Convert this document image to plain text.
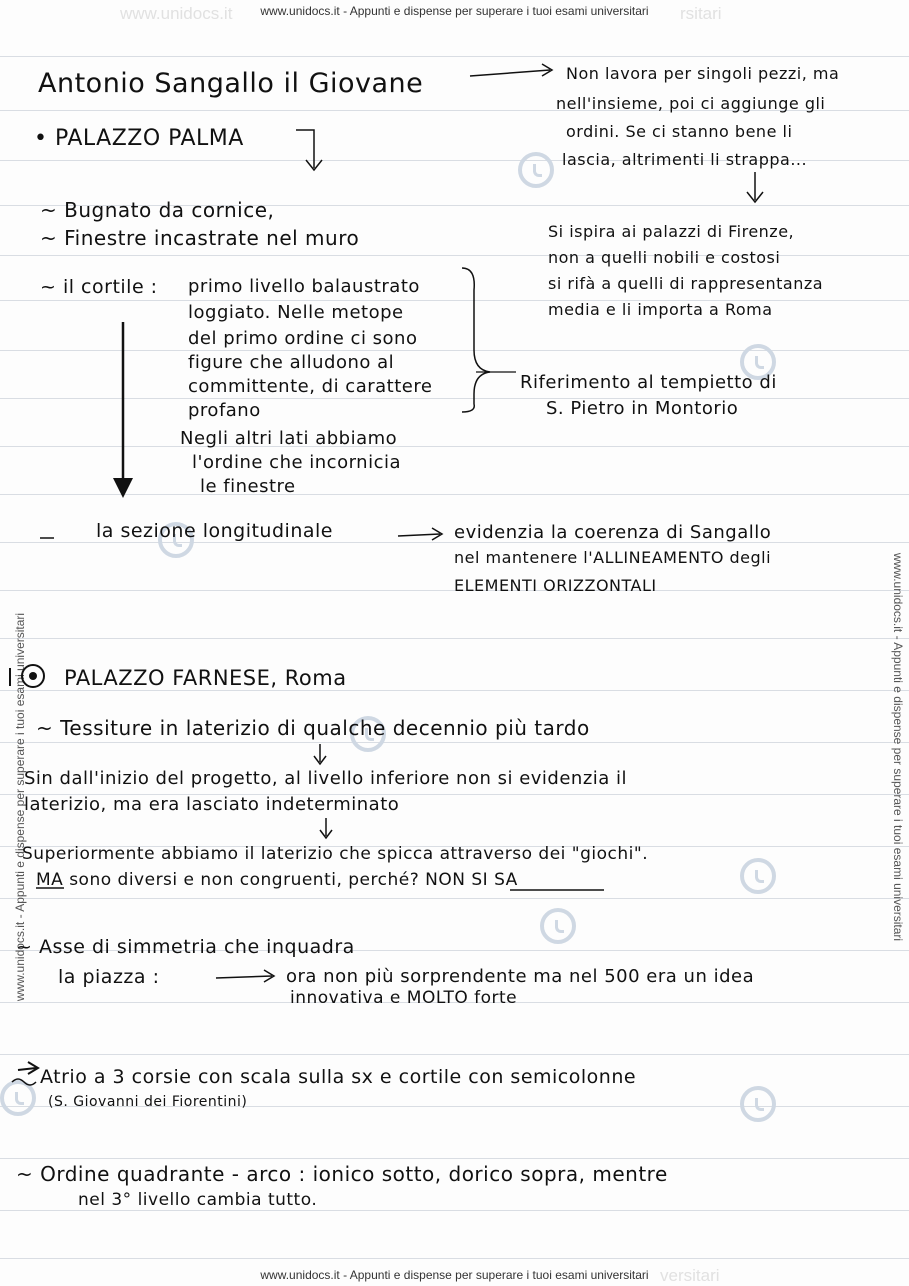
www.unidocs.it - Appunti e dispense per superare i tuoi esami universitari
www.unidocs.it - Appunti e dispense per superare i tuoi esami universitari
www.unidocs.it	rsitari
versitari
www.unidocs.it - Appunti e dispense per superare i tuoi esami universitari	www.unidocs.it - Appunti e dispense per superare i tuoi esami universitari
Antonio Sangallo il Giovane	Non lavora per singoli pezzi, ma
nell'insieme, poi ci aggiunge gli
ordini. Se ci stanno bene li
lascia, altrimenti li strappa...
Si ispira ai palazzi di Firenze,
non a quelli nobili e costosi
si rifà a quelli di rappresentanza
media e li importa a Roma
• PALAZZO PALMA
~ Bugnato da cornice,
~ Finestre incastrate nel muro
~ il cortile : primo livello balaustrato
loggiato. Nelle metope
del primo ordine ci sono
figure che alludono al
committente, di carattere
profano
Negli altri lati abbiamo
l'ordine che incornicia
le finestre
Riferimento al tempietto di
S. Pietro in Montorio
la sezione longitudinale	evidenzia la coerenza di Sangallo
nel mantenere l'ALLINEAMENTO degli
ELEMENTI ORIZZONTALI
PALAZZO FARNESE, Roma
~ Tessiture in laterizio di qualche decennio più tardo
Sin dall'inizio del progetto, al livello inferiore non si evidenzia il
laterizio, ma era lasciato indeterminato
Superiormente abbiamo il laterizio che spicca attraverso dei "giochi".
MA sono diversi e non congruenti, perché? NON SI SA
~ Asse di simmetria che inquadra
la piazza :	ora non più sorprendente ma nel 500 era un idea
innovativa e MOLTO forte
Atrio a 3 corsie con scala sulla sx e cortile con semicolonne
(S. Giovanni dei Fiorentini)
~ Ordine quadrante - arco : ionico sotto, dorico sopra, mentre
nel 3° livello cambia tutto.
